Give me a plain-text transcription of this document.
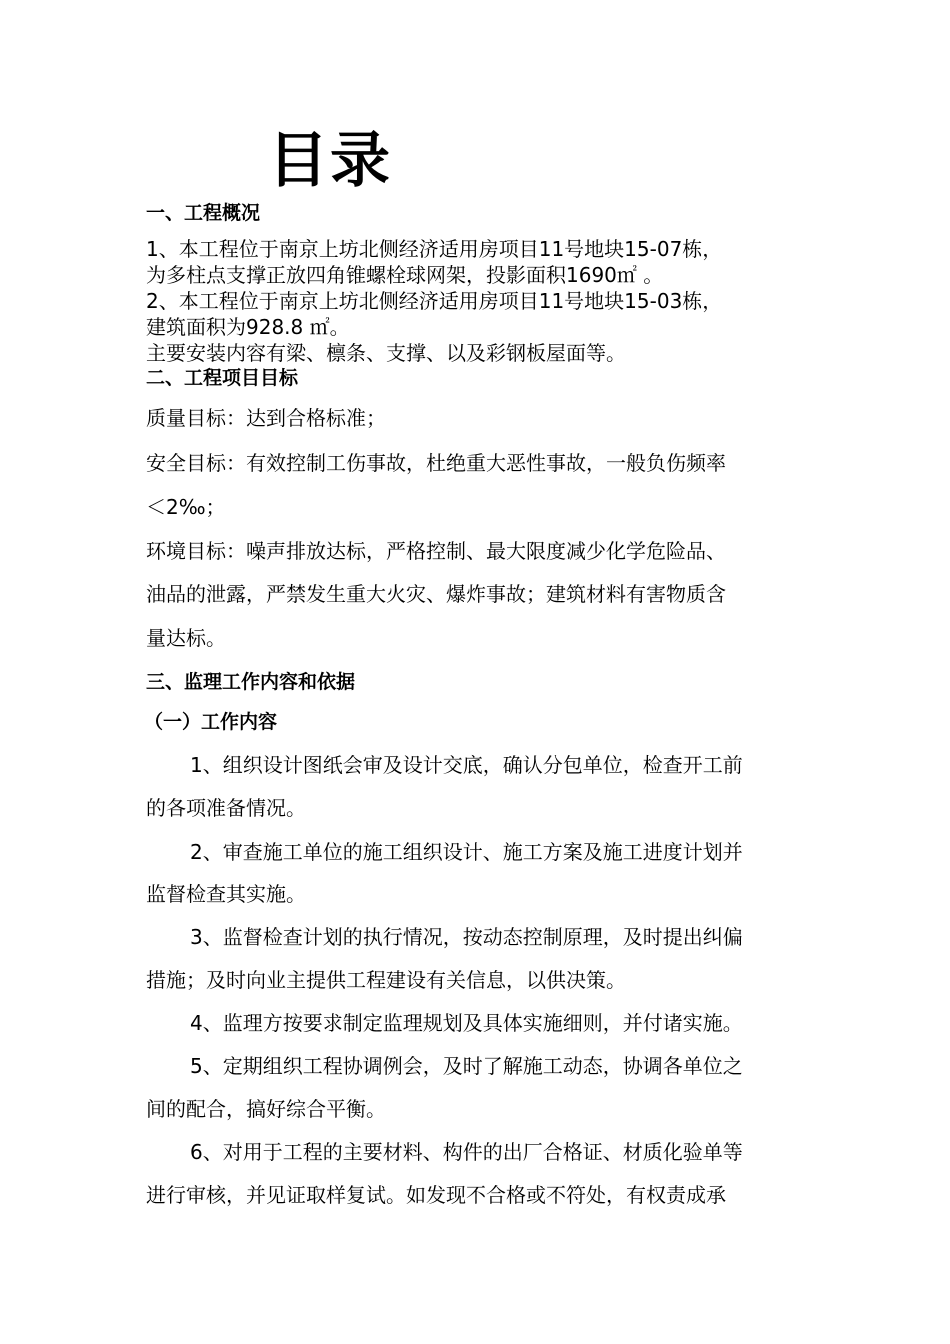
目录
一、工程概况
1、本工程位于南京上坊北侧经济适用房项目11号地块15-07栋，
为多柱点支撑正放四角锥螺栓球网架，投影面积1690㎡ 。
2、本工程位于南京上坊北侧经济适用房项目11号地块15-03栋，
建筑面积为928.8 ㎡。
主要安装内容有梁、檩条、支撑、以及彩钢板屋面等。
二、工程项目目标
质量目标：达到合格标准；
安全目标：有效控制工伤事故，杜绝重大恶性事故，一般负伤频率
＜2‰；
环境目标：噪声排放达标，严格控制、最大限度减少化学危险品、
油品的泄露，严禁发生重大火灾、爆炸事故；建筑材料有害物质含
量达标。
三、监理工作内容和依据
（一）工作内容
1、组织设计图纸会审及设计交底，确认分包单位，检查开工前
的各项准备情况。
2、审查施工单位的施工组织设计、施工方案及施工进度计划并
监督检查其实施。
3、监督检查计划的执行情况，按动态控制原理，及时提出纠偏
措施；及时向业主提供工程建设有关信息，以供决策。
4、监理方按要求制定监理规划及具体实施细则，并付诸实施。
5、定期组织工程协调例会，及时了解施工动态，协调各单位之
间的配合，搞好综合平衡。
6、对用于工程的主要材料、构件的出厂合格证、材质化验单等
进行审核，并见证取样复试。如发现不合格或不符处，有权责成承
